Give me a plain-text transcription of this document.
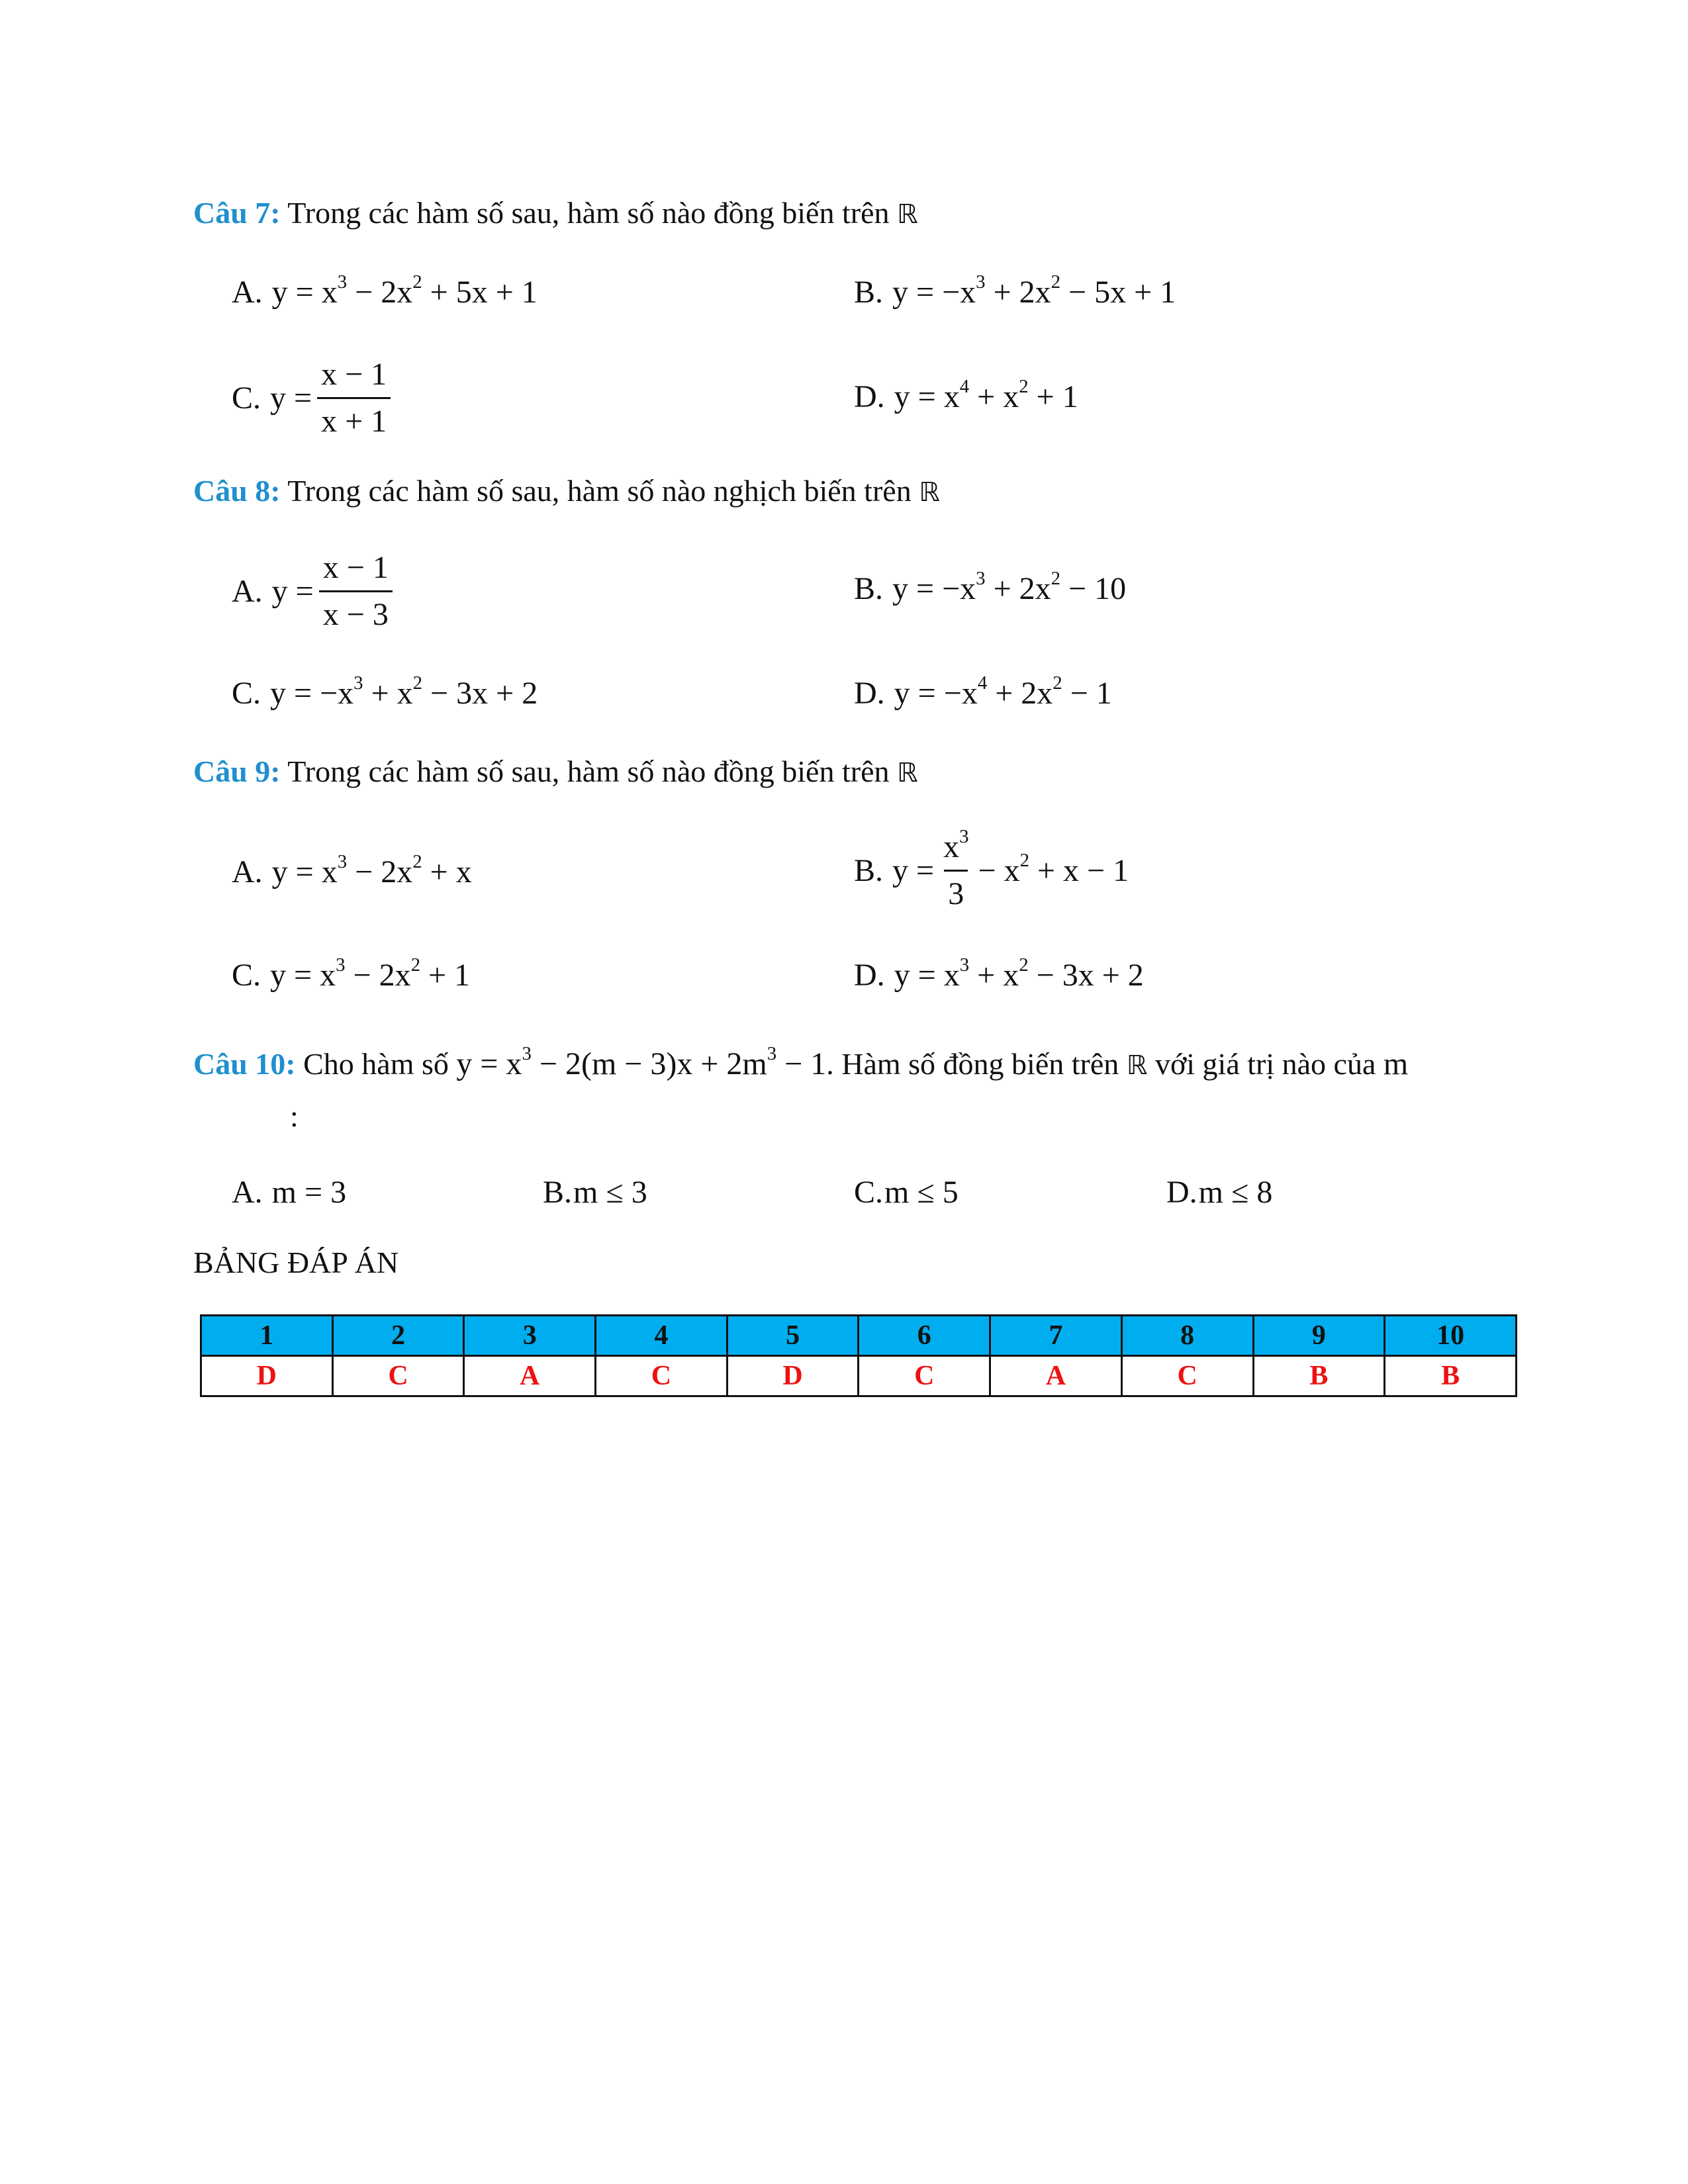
Câu 7: Trong các hàm số sau, hàm số nào đồng biến trên ℝ
A. $y = x^3 - 2x^2 + 5x + 1$	B. $y = -x^3 + 2x^2 - 5x + 1$
C. $y = \frac{x - 1}{x + 1}$	D. $y = x^4 + x^2 + 1$
Câu 8: Trong các hàm số sau, hàm số nào nghịch biến trên ℝ
A. $y = \frac{x - 1}{x - 3}$	B. $y = -x^3 + 2x^2 - 10$
C. $y = -x^3 + x^2 - 3x + 2$	D. $y = -x^4 + 2x^2 - 1$
Câu 9: Trong các hàm số sau, hàm số nào đồng biến trên ℝ
A. $y = x^3 - 2x^2 + x$	B. $y = \frac{x^3}{3} - x^2 + x - 1$
C. $y = x^3 - 2x^2 + 1$	D. $y = x^3 + x^2 - 3x + 2$
Câu 10: Cho hàm số $y = x^3 - 2(m - 3)x + 2m^3 - 1$. Hàm số đồng biến trên ℝ với giá trị nào của m
:
A. m = 3	B. m ≤ 3	C. m ≤ 5	D. m ≤ 8
BẢNG ĐÁP ÁN
1	2	3	4	5	6	7	8	9	10
D	C	A	C	D	C	A	C	B	B
